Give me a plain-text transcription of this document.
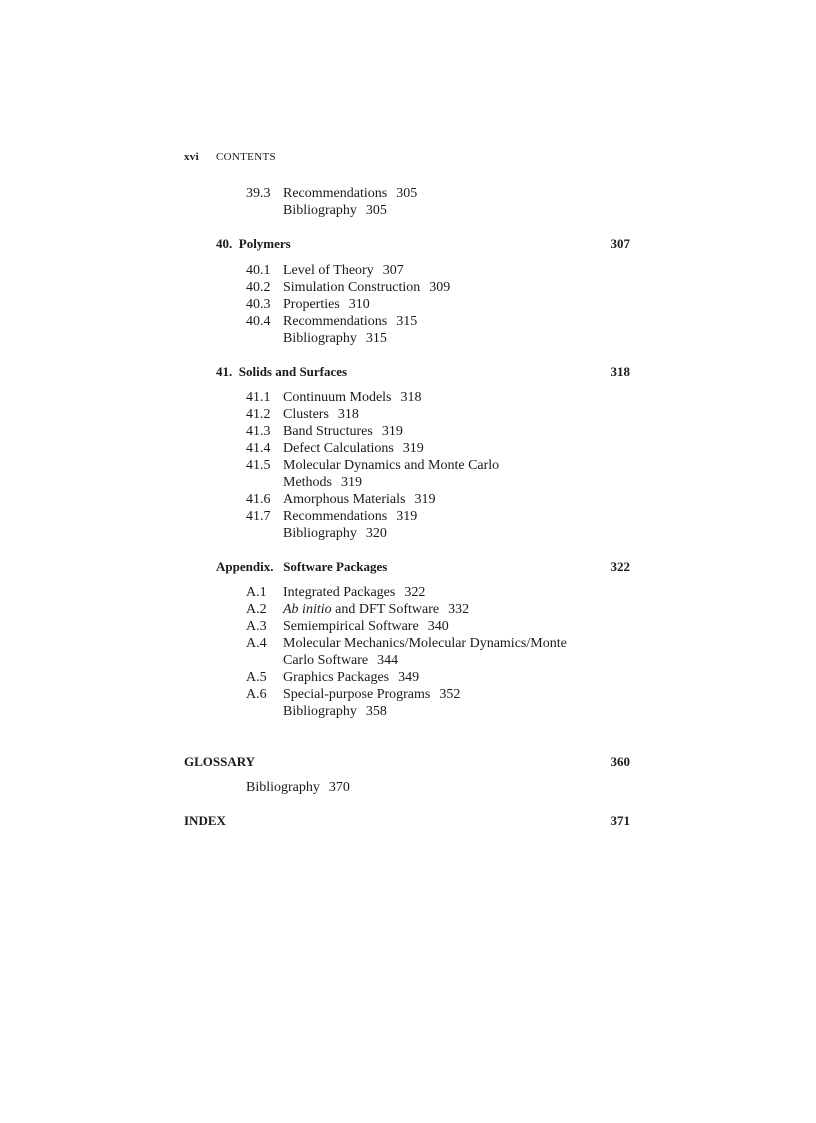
xvi CONTENTS
39.3 Recommendations 305
Bibliography 305
40. Polymers	307
40.1 Level of Theory 307
40.2 Simulation Construction 309
40.3 Properties 310
40.4 Recommendations 315
Bibliography 315
41. Solids and Surfaces	318
41.1 Continuum Models 318
41.2 Clusters 318
41.3 Band Structures 319
41.4 Defect Calculations 319
41.5 Molecular Dynamics and Monte Carlo
Methods 319
41.6 Amorphous Materials 319
41.7 Recommendations 319
Bibliography 320
Appendix. Software Packages	322
A.1 Integrated Packages 322
A.2 Ab initio and DFT Software 332
A.3 Semiempirical Software 340
A.4 Molecular Mechanics/Molecular Dynamics/Monte
Carlo Software 344
A.5 Graphics Packages 349
A.6 Special-purpose Programs 352
Bibliography 358
GLOSSARY	360
Bibliography 370
INDEX	371
